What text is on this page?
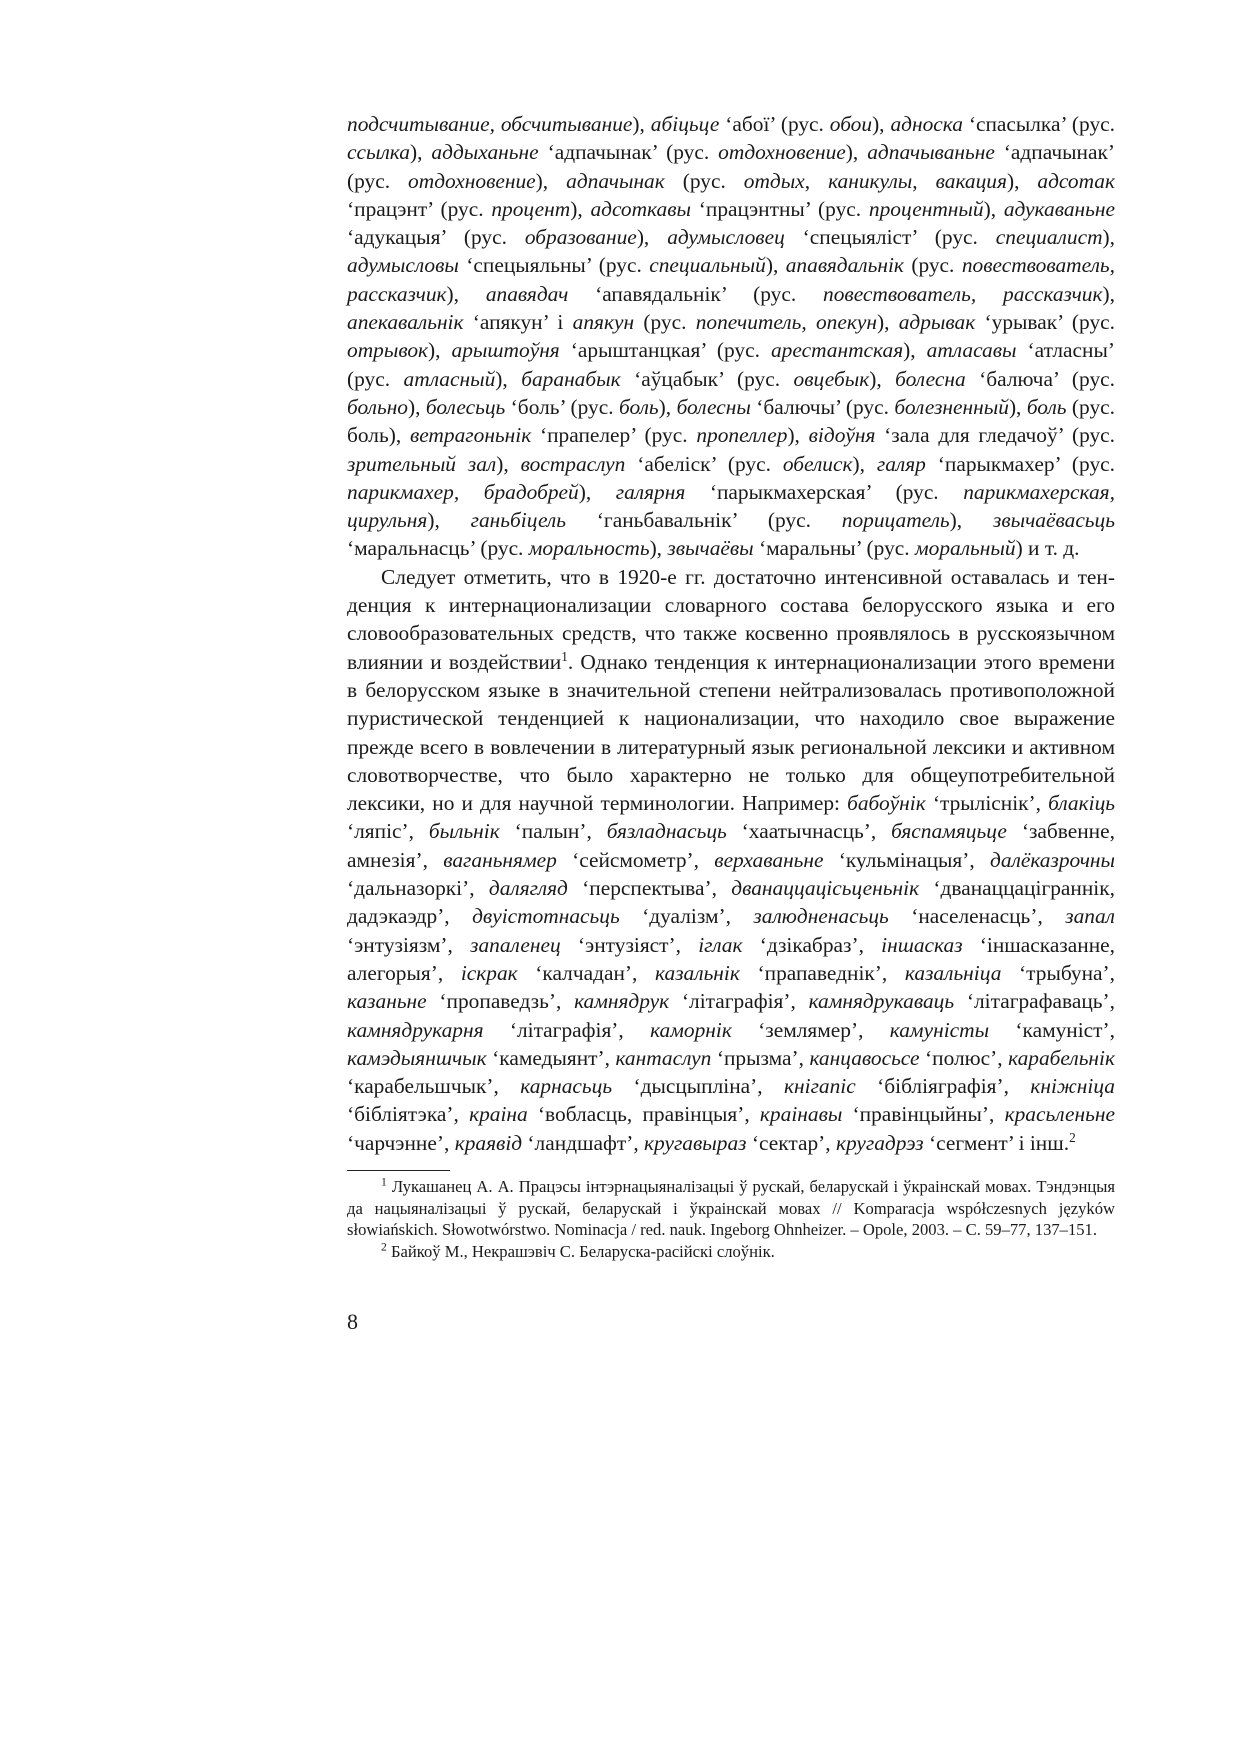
подсчитывание, обсчитывание), абіцьце ‘абої’ (рус. обои), адноска ‘спасылка’ (рус. ссылка), аддыханьне ‘адпачынак’ (рус. отдохновение), адпачываньне ‘адпачынак’ (рус. отдохновение), адпачынак (рус. отдых, каникулы, вакация), адсотак ‘працэнт’ (рус. процент), адсоткавы ‘працэнтны’ (рус. процентный), адукаваньне ‘адукацыя’ (рус. образование), адумысловец ‘спецыяліст’ (рус. специалист), адумысловы ‘спецыяльны’ (рус. специальный), апавядальнік (рус. повествователь, рассказчик), апавядач ‘апавядальнік’ (рус. повествователь, рассказчик), апекавальнік ‘апякун’ і апякун (рус. попечитель, опекун), адрывак ‘урывак’ (рус. отрывок), арыштоўня ‘арыштанцкая’ (рус. арестантская), атласавы ‘атласны’ (рус. атласный), баранабык ‘аўцабык’ (рус. овцебык), болесна ‘балюча’ (рус. больно), болесьць ‘боль’ (рус. боль), болесны ‘балючы’ (рус. болезненный), боль (рус. боль), ветрагоньнік ‘прапелер’ (рус. пропеллер), відоўня ‘зала для гледачоў’ (рус. зрительный зал), вострaслуп ‘абеліск’ (рус. обелиск), галяр ‘парыкмахер’ (рус. парикмахер, брадобрей), галярня ‘парыкмахерская’ (рус. парикмахерская, цирульня), ганьбіцель ‘ганьбавальнік’ (рус. порицатель), звычаёвасьць ‘маральнасць’ (рус. моральность), звычаёвы ‘маральны’ (рус. моральный) и т. д.

Следует отметить, что в 1920-е гг. достаточно интенсивной оставалась и тенденция к интернационализации словарного состава белорусского языка и его словообразовательных средств, что также косвенно проявлялось в русскоязычном влиянии и воздействии$^1$. Однако тенденция к интернационализации этого времени в белорусском языке в значительной степени нейтрализовалась противоположной пуристической тенденцией к национализации, что находило свое выражение прежде всего в вовлечении в литературный язык региональной лексики и активном словотворчестве, что было характерно не только для общеупотребительной лексики, но и для научной терминологии. Например: бабоўнік ‘трыліснік’, блакіць ‘ляпіс’, быльнік ‘палын’, бязладнасьць ‘хаатычнасць’, бяспамяцьце ‘забвенне, амнезія’, ваганьнямер ‘сейсмометр’, верхаваньне ‘кульмінацыя’, далёказрочны ‘дальназоркі’, далягляд ‘перспектыва’, дванаццацісьценьнік ‘дванаццаціграннік, дадэкаэдр’, двуістотнасьць ‘дуалізм’, залюдненасьць ‘населенасць’, запал ‘энтузіязм’, запаленец ‘энтузіяст’, іглак ‘дзікабраз’, іншасказ ‘іншасказанне, алегорыя’, іскрак ‘калчадан’, казальнік ‘прапаведнік’, казальніца ‘трыбуна’, казаньне ‘пропаведзь’, камнядрук ‘літаграфія’, камнядрукаваць ‘літаграфаваць’, камнядрукарня ‘літаграфія’, каморнік ‘землямер’, камуністы ‘камуніст’, камэдыяншчык ‘камедыянт’, кантаслуп ‘прызма’, канцавосьсе ‘полюс’, карабельнік ‘карабельшчык’, карнасьць ‘дысцыпліна’, кнігапіс ‘бібліяграфія’, кніжніца ‘бібліятэка’, краіна ‘вобласць, правінцыя’, краінавы ‘правінцыйны’, красьленьне ‘чарчэнне’, краявід ‘ландшафт’, кругавыраз ‘сектар’, кругадрэз ‘сегмент’ і інш.$^2$

$^1$ Лукашанец А. А. Працэсы інтэрнацыяналізацыі ў рускай, беларускай і ўкраінскай мовах. Тэндэнцыя да нацыяналізацыі ў рускай, беларускай і ўкраінскай мовах // Komparacja współczesnych języków słowiańskich. Słowotwórstwo. Nominacja / red. nauk. Ingeborg Ohnheizer. – Opole, 2003. – С. 59–77, 137–151.

$^2$ Байкоў М., Некрашэвіч С. Беларуска-расійскі слоўнік.

8
